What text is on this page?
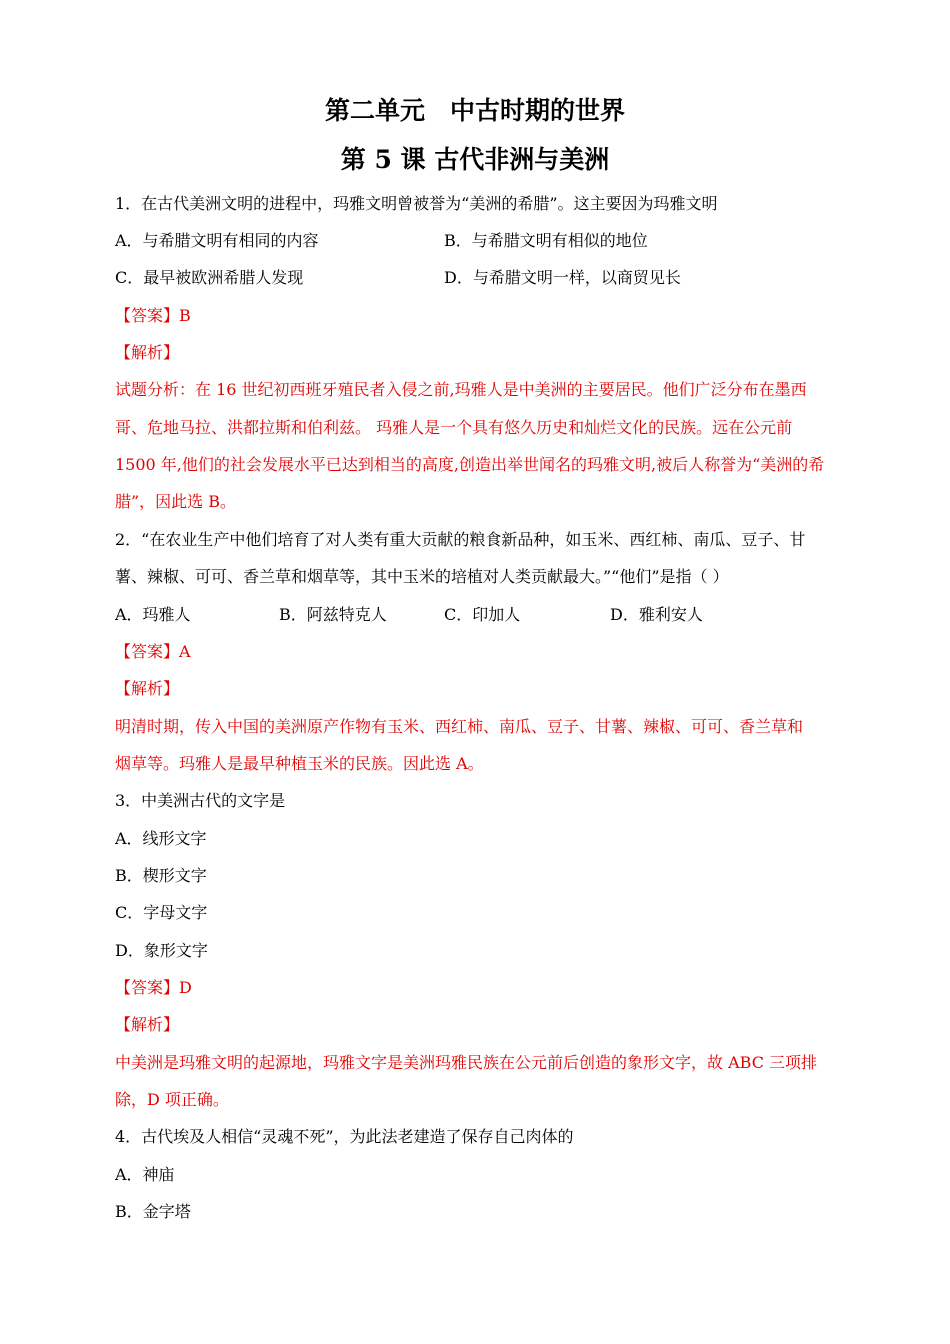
第二单元　中古时期的世界
第 5 课 古代非洲与美洲
1．在古代美洲文明的进程中，玛雅文明曾被誉为“美洲的希腊”。这主要因为玛雅文明
A．与希腊文明有相同的内容	B．与希腊文明有相似的地位
C．最早被欧洲希腊人发现	D．与希腊文明一样，以商贸见长
【答案】B
【解析】
试题分析：在 16 世纪初西班牙殖民者入侵之前,玛雅人是中美洲的主要居民。他们广泛分布在墨西
哥、危地马拉、洪都拉斯和伯利兹。 玛雅人是一个具有悠久历史和灿烂文化的民族。远在公元前
1500 年,他们的社会发展水平已达到相当的高度,创造出举世闻名的玛雅文明,被后人称誉为“美洲的希
腊”，因此选 B。
2．“在农业生产中他们培育了对人类有重大贡献的粮食新品种，如玉米、西红柿、南瓜、豆子、甘
薯、辣椒、可可、香兰草和烟草等，其中玉米的培植对人类贡献最大。”“他们”是指（ ）
A．玛雅人	B．阿兹特克人	C．印加人	D．雅利安人
【答案】A
【解析】
明清时期，传入中国的美洲原产作物有玉米、西红柿、南瓜、豆子、甘薯、辣椒、可可、香兰草和
烟草等。玛雅人是最早种植玉米的民族。因此选 A。
3．中美洲古代的文字是
A．线形文字
B．楔形文字
C．字母文字
D．象形文字
【答案】D
【解析】
中美洲是玛雅文明的起源地，玛雅文字是美洲玛雅民族在公元前后创造的象形文字，故 ABC 三项排
除，D 项正确。
4．古代埃及人相信“灵魂不死”，为此法老建造了保存自己肉体的
A．神庙
B．金字塔
